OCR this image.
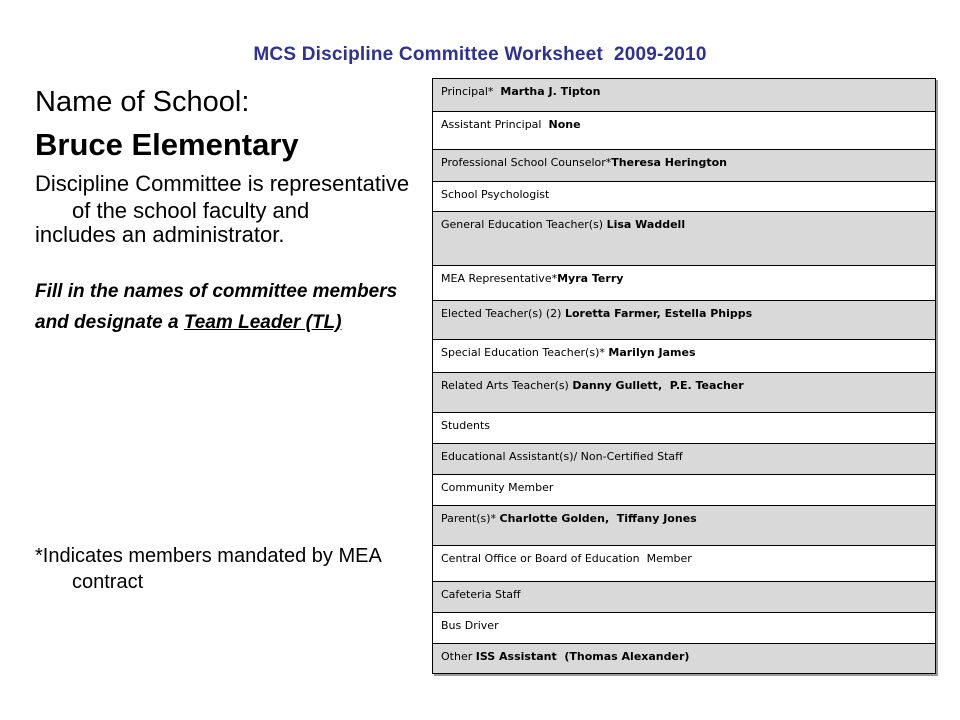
MCS Discipline Committee Worksheet  2009-2010
Name of School:
Bruce Elementary
Discipline Committee is representative of the school faculty and
includes an administrator.
Fill in the names of committee members and designate a Team Leader (TL)
*Indicates members mandated by MEA contract
Principal*  Martha J. Tipton
Assistant Principal  None
Professional School Counselor*Theresa Herington
School Psychologist
General Education Teacher(s) Lisa Waddell
MEA Representative*Myra Terry
Elected Teacher(s) (2) Loretta Farmer, Estella Phipps
Special Education Teacher(s)* Marilyn James
Related Arts Teacher(s) Danny Gullett,  P.E. Teacher
Students
Educational Assistant(s)/ Non-Certified Staff
Community Member
Parent(s)* Charlotte Golden,  Tiffany Jones
Central Office or Board of Education  Member
Cafeteria Staff
Bus Driver
Other ISS Assistant  (Thomas Alexander)
